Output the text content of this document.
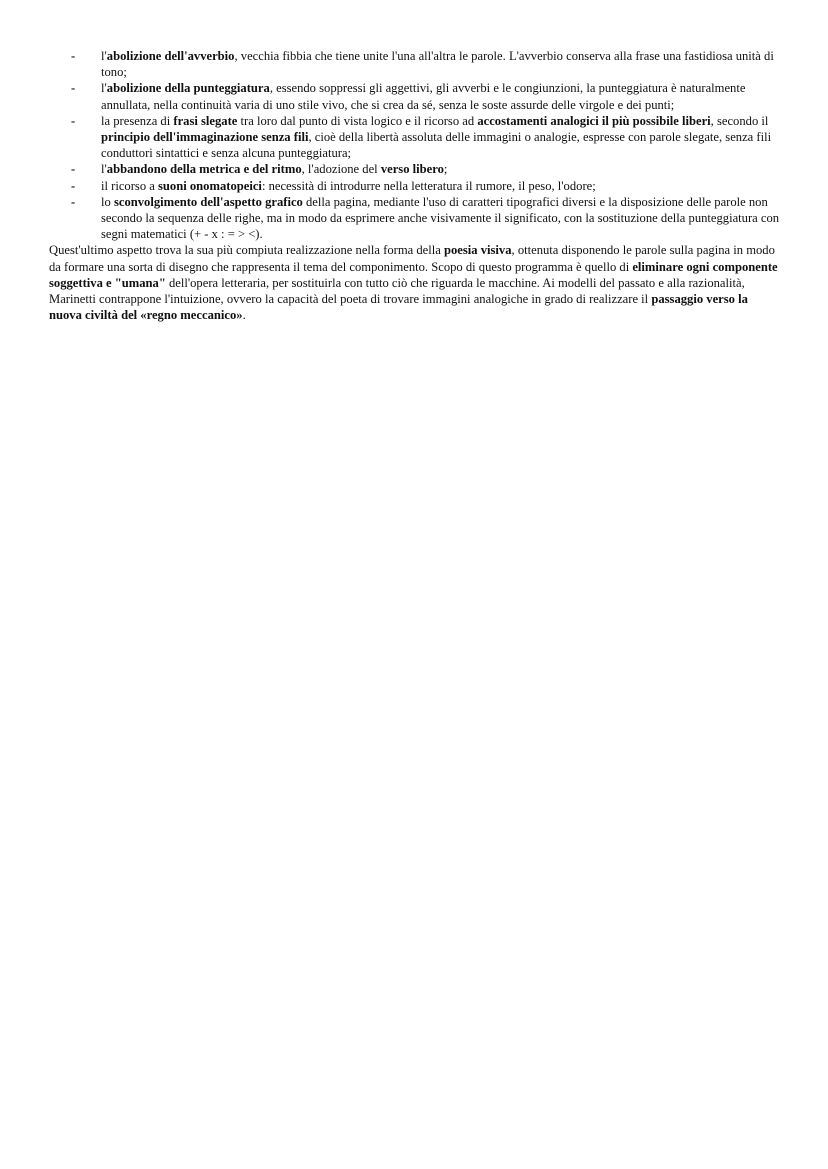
- l'abolizione dell'avverbio, vecchia fibbia che tiene unite l'una all'altra le parole. L'avverbio conserva alla frase una fastidiosa unità di tono;
- l'abolizione della punteggiatura, essendo soppressi gli aggettivi, gli avverbi e le congiunzioni, la punteggiatura è naturalmente annullata, nella continuità varia di uno stile vivo, che si crea da sé, senza le soste assurde delle virgole e dei punti;
- la presenza di frasi slegate tra loro dal punto di vista logico e il ricorso ad accostamenti analogici il più possibile liberi, secondo il principio dell'immaginazione senza fili, cioè della libertà assoluta delle immagini o analogie, espresse con parole slegate, senza fili conduttori sintattici e senza alcuna punteggiatura;
- l'abbandono della metrica e del ritmo, l'adozione del verso libero;
- il ricorso a suoni onomatopeici: necessità di introdurre nella letteratura il rumore, il peso, l'odore;
- lo sconvolgimento dell'aspetto grafico della pagina, mediante l'uso di caratteri tipografici diversi e la disposizione delle parole non secondo la sequenza delle righe, ma in modo da esprimere anche visivamente il significato, con la sostituzione della punteggiatura con segni matematici (+ - x : = > <).

Quest'ultimo aspetto trova la sua più compiuta realizzazione nella forma della poesia visiva, ottenuta disponendo le parole sulla pagina in modo da formare una sorta di disegno che rappresenta il tema del componimento. Scopo di questo programma è quello di eliminare ogni componente soggettiva e "umana" dell'opera letteraria, per sostituirla con tutto ciò che riguarda le macchine. Ai modelli del passato e alla razionalità, Marinetti contrappone l'intuizione, ovvero la capacità del poeta di trovare immagini analogiche in grado di realizzare il passaggio verso la nuova civiltà del «regno meccanico».
